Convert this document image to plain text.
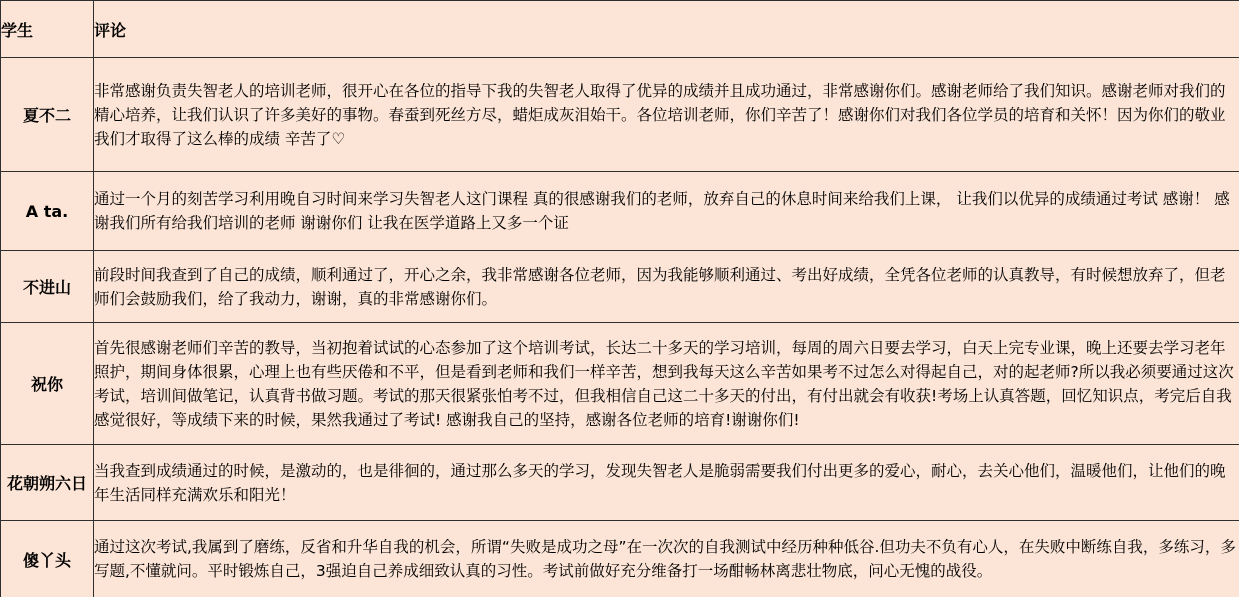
学生	评论
夏不二	非常感谢负责失智老人的培训老师，很开心在各位的指导下我的失智老人取得了优异的成绩并且成功通过，非常感谢你们。感谢老师给了我们知识。感谢老师对我们的精心培养，让我们认识了许多美好的事物。春蚕到死丝方尽，蜡炬成灰泪始干。各位培训老师，你们辛苦了！感谢你们对我们各位学员的培育和关怀！因为你们的敬业我们才取得了这么棒的成绩 辛苦了♡
A ta.	通过一个月的刻苦学习利用晚自习时间来学习失智老人这门课程 真的很感谢我们的老师，放弃自己的休息时间来给我们上课， 让我们以优异的成绩通过考试 感谢！ 感谢我们所有给我们培训的老师 谢谢你们 让我在医学道路上又多一个证
不进山	前段时间我查到了自己的成绩，顺利通过了，开心之余，我非常感谢各位老师，因为我能够顺利通过、考出好成绩，全凭各位老师的认真教导，有时候想放弃了，但老师们会鼓励我们，给了我动力，谢谢，真的非常感谢你们。
祝你	首先很感谢老师们辛苦的教导，当初抱着试试的心态参加了这个培训考试，长达二十多天的学习培训，每周的周六日要去学习，白天上完专业课，晚上还要去学习老年照护，期间身体很累，心理上也有些厌倦和不平，但是看到老师和我们一样辛苦，想到我每天这么辛苦如果考不过怎么对得起自己，对的起老师?所以我必须要通过这次考试，培训间做笔记，认真背书做习题。考试的那天很紧张怕考不过，但我相信自己这二十多天的付出，有付出就会有收获!考场上认真答题，回忆知识点，考完后自我感觉很好，等成绩下来的时候，果然我通过了考试! 感谢我自己的坚持，感谢各位老师的培育!谢谢你们!
花朝朔六日	当我查到成绩通过的时候，是激动的，也是徘徊的，通过那么多天的学习，发现失智老人是脆弱需要我们付出更多的爱心，耐心，去关心他们，温暖他们，让他们的晚年生活同样充满欢乐和阳光！
傻丫头	通过这次考试,我属到了磨练，反省和升华自我的机会，所谓“失败是成功之母”在一次次的自我测试中经历种种低谷.但功夫不负有心人，在失败中断练自我，多练习，多写题,不懂就问。平时锻炼自己，3强迫自己养成细致认真的习性。考试前做好充分维备打一场酣畅林离悲壮物底，问心无愧的战役。
